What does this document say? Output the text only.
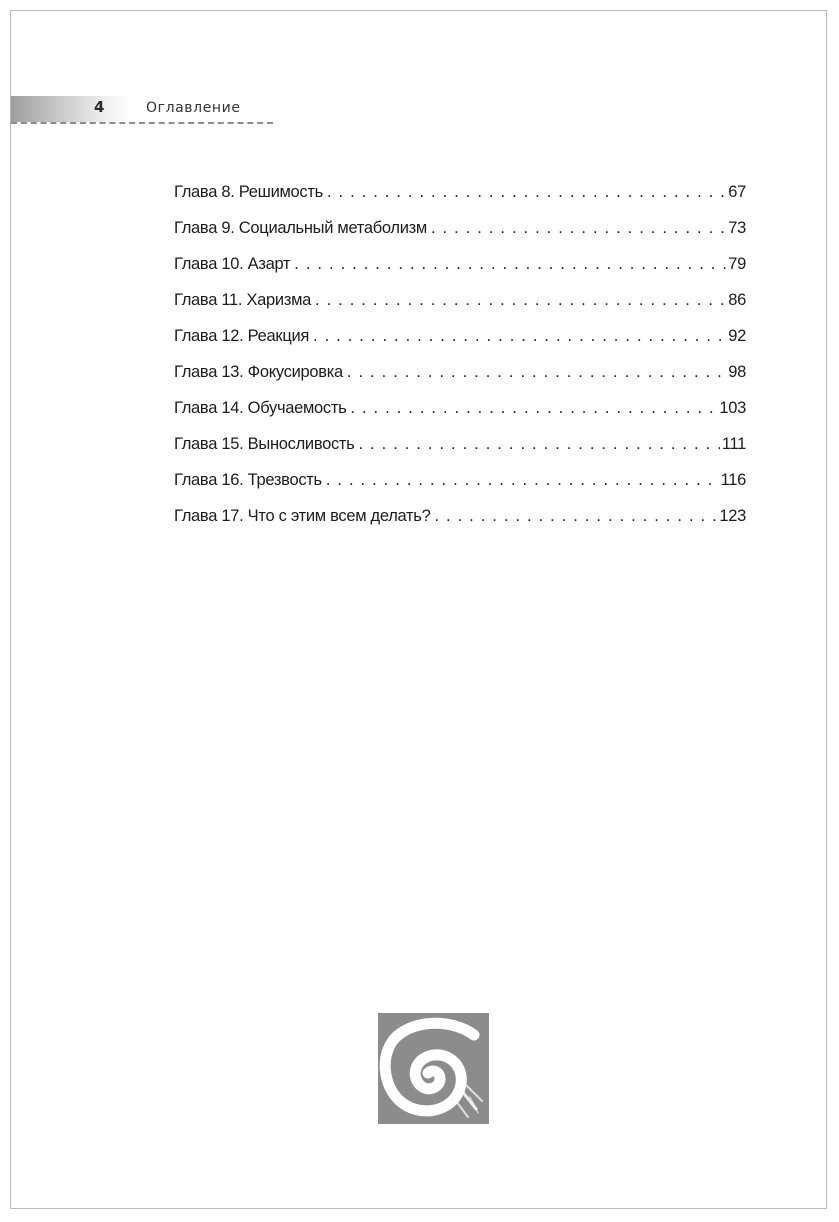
4	Оглавление
Глава 8. Решимость . . .	67
Глава 9. Социальный метаболизм . . .	73
Глава 10. Азарт . . .	79
Глава 11. Харизма . . .	86
Глава 12. Реакция . . .	92
Глава 13. Фокусировка . . .	98
Глава 14. Обучаемость . . .	103
Глава 15. Выносливость . . .	111
Глава 16. Трезвость . . .	116
Глава 17. Что с этим всем делать? . . .	123
